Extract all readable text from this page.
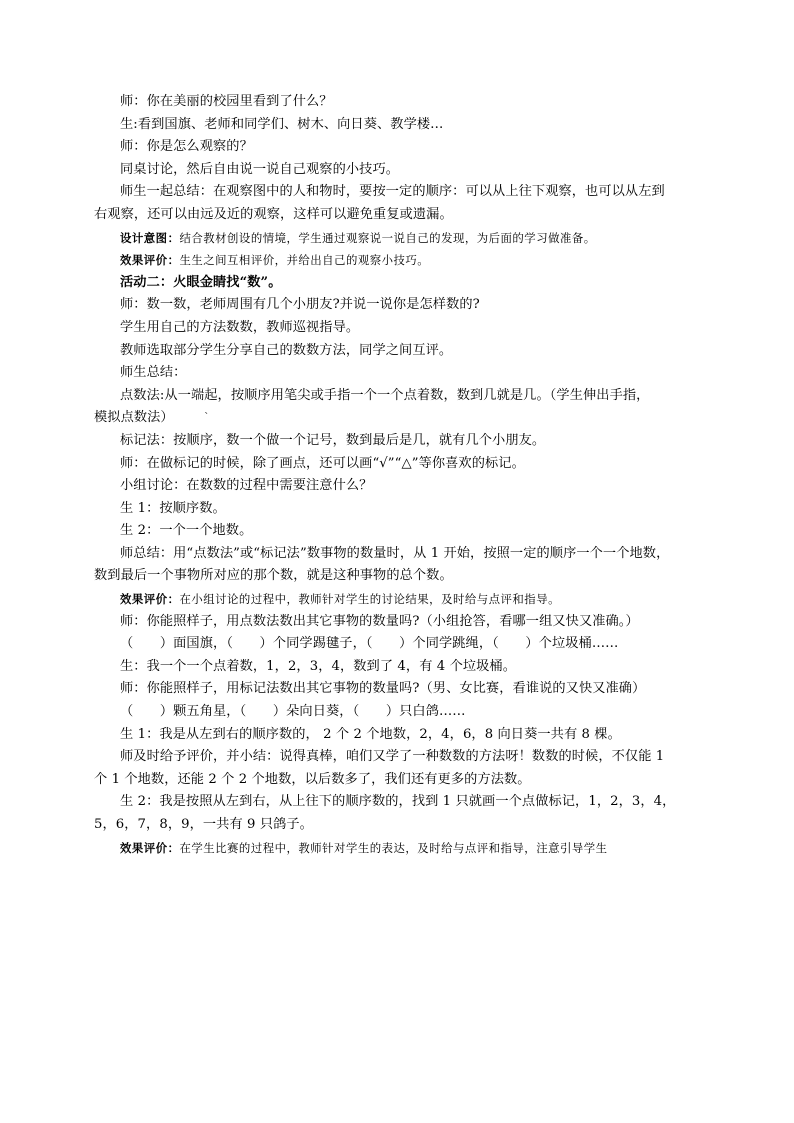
师：你在美丽的校园里看到了什么？
生:看到国旗、老师和同学们、树木、向日葵、教学楼…
师：你是怎么观察的？
同桌讨论，然后自由说一说自己观察的小技巧。
师生一起总结：在观察图中的人和物时，要按一定的顺序：可以从上往下观察，也可以从左到
右观察，还可以由远及近的观察，这样可以避免重复或遗漏。
设计意图：结合教材创设的情境，学生通过观察说一说自己的发现，为后面的学习做准备。
效果评价：生生之间互相评价，并给出自己的观察小技巧。
活动二：火眼金睛找“数”。
师：数一数，老师周围有几个小朋友?并说一说你是怎样数的?
学生用自己的方法数数，教师巡视指导。
教师选取部分学生分享自己的数数方法，同学之间互评。
师生总结：
点数法:从一端起，按顺序用笔尖或手指一个一个点着数，数到几就是几。（学生伸出手指，
模拟点数法）	`
标记法：按顺序，数一个做一个记号，数到最后是几，就有几个小朋友。
师：在做标记的时候，除了画点，还可以画“√”“△”等你喜欢的标记。
小组讨论：在数数的过程中需要注意什么？
生 1：按顺序数。
生 2：一个一个地数。
师总结：用“点数法”或“标记法”数事物的数量时，从 1 开始，按照一定的顺序一个一个地数，
数到最后一个事物所对应的那个数，就是这种事物的总个数。
效果评价：在小组讨论的过程中，教师针对学生的讨论结果，及时给与点评和指导。
师：你能照样子，用点数法数出其它事物的数量吗?（小组抢答，看哪一组又快又准确。）
（　　）面国旗，（　　）个同学踢毽子，（　　）个同学跳绳，（　　）个垃圾桶……
生：我一个一个点着数，1，2，3，4，数到了 4，有 4 个垃圾桶。
师：你能照样子，用标记法数出其它事物的数量吗?（男、女比赛，看谁说的又快又准确）
（　　）颗五角星，（　　）朵向日葵，（　　）只白鸽……
生 1：我是从左到右的顺序数的， 2 个 2 个地数，2，4，6，8 向日葵一共有 8 棵。
师及时给予评价，并小结：说得真棒，咱们又学了一种数数的方法呀！数数的时候，不仅能 1
个 1 个地数，还能 2 个 2 个地数，以后数多了，我们还有更多的方法数。
生 2：我是按照从左到右，从上往下的顺序数的，找到 1 只就画一个点做标记，1，2，3，4，
5，6，7，8，9，一共有 9 只鸽子。
效果评价：在学生比赛的过程中，教师针对学生的表达，及时给与点评和指导，注意引导学生
